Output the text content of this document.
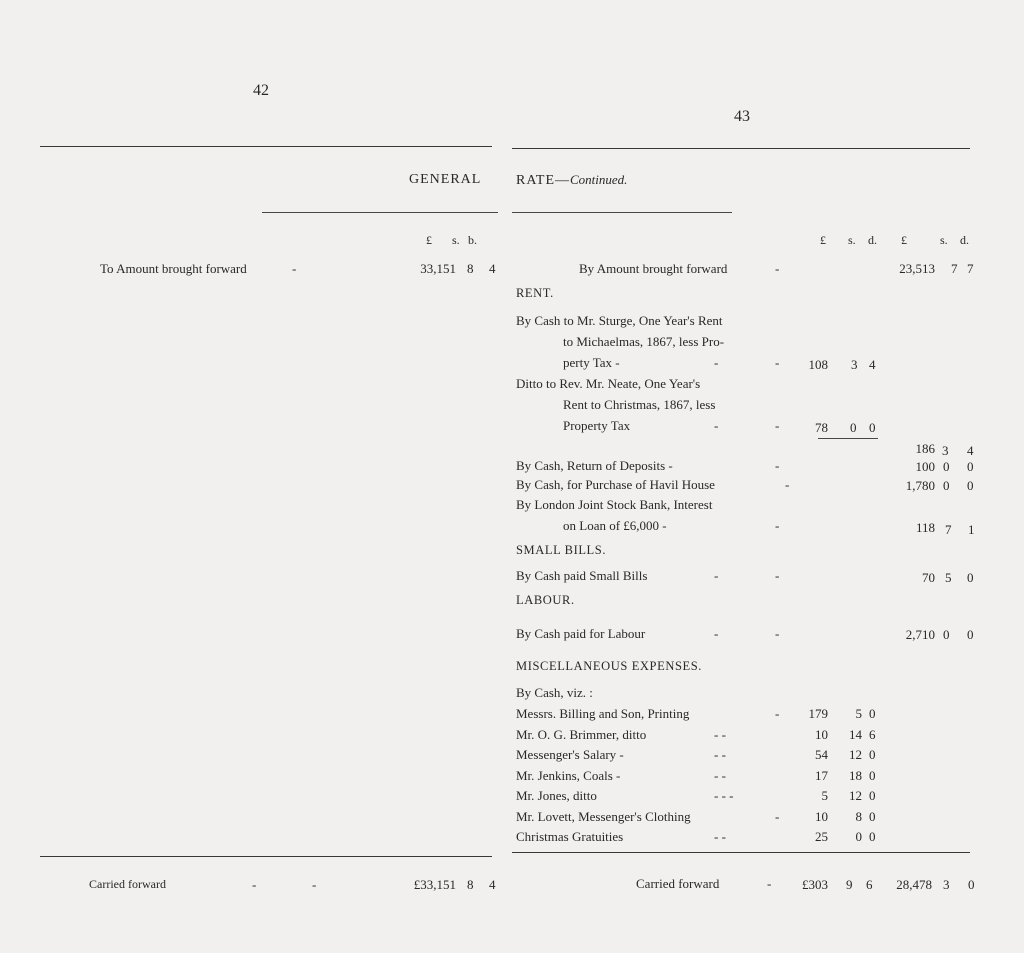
42
43
GENERAL RATE—Continued.
£ s. b.	£ s. d. £	s. d.
To Amount brought forward	-	33,151 8 4	By Amount brought forward	-	23,513 7 7
RENT.
By Cash to Mr. Sturge, One Year's Rent
to Michaelmas, 1867, less Pro-
perty Tax -	-	-	108 3 4
Ditto to Rev. Mr. Neate, One Year's
Rent to Christmas, 1867, less
Property Tax	-	-	78 0 0
186 3 4
By Cash, Return of Deposits -	-	100 0 0
By Cash, for Purchase of Havil House	-	1,780 0 0
By London Joint Stock Bank, Interest
on Loan of £6,000 -	-	118 7 1
SMALL BILLS.
By Cash paid Small Bills	-	-	70 5 0
LABOUR.
By Cash paid for Labour	-	-	2,710 0 0
MISCELLANEOUS EXPENSES.
By Cash, viz. :
Messrs. Billing and Son, Printing	-	179	5 0
Mr. O. G. Brimmer, ditto	- -	10	14 6
Messenger's Salary -	- -	54	12 0
Mr. Jenkins, Coals -	- -	17	18 0
Mr. Jones, ditto	- - -	5	12 0
Mr. Lovett, Messenger's Clothing	-	10	8 0
Christmas Gratuities	- -	25	0 0
Carried forward	-	-	£33,151 8 4	Carried forward	-	£303 9 6	28,478 3 0
